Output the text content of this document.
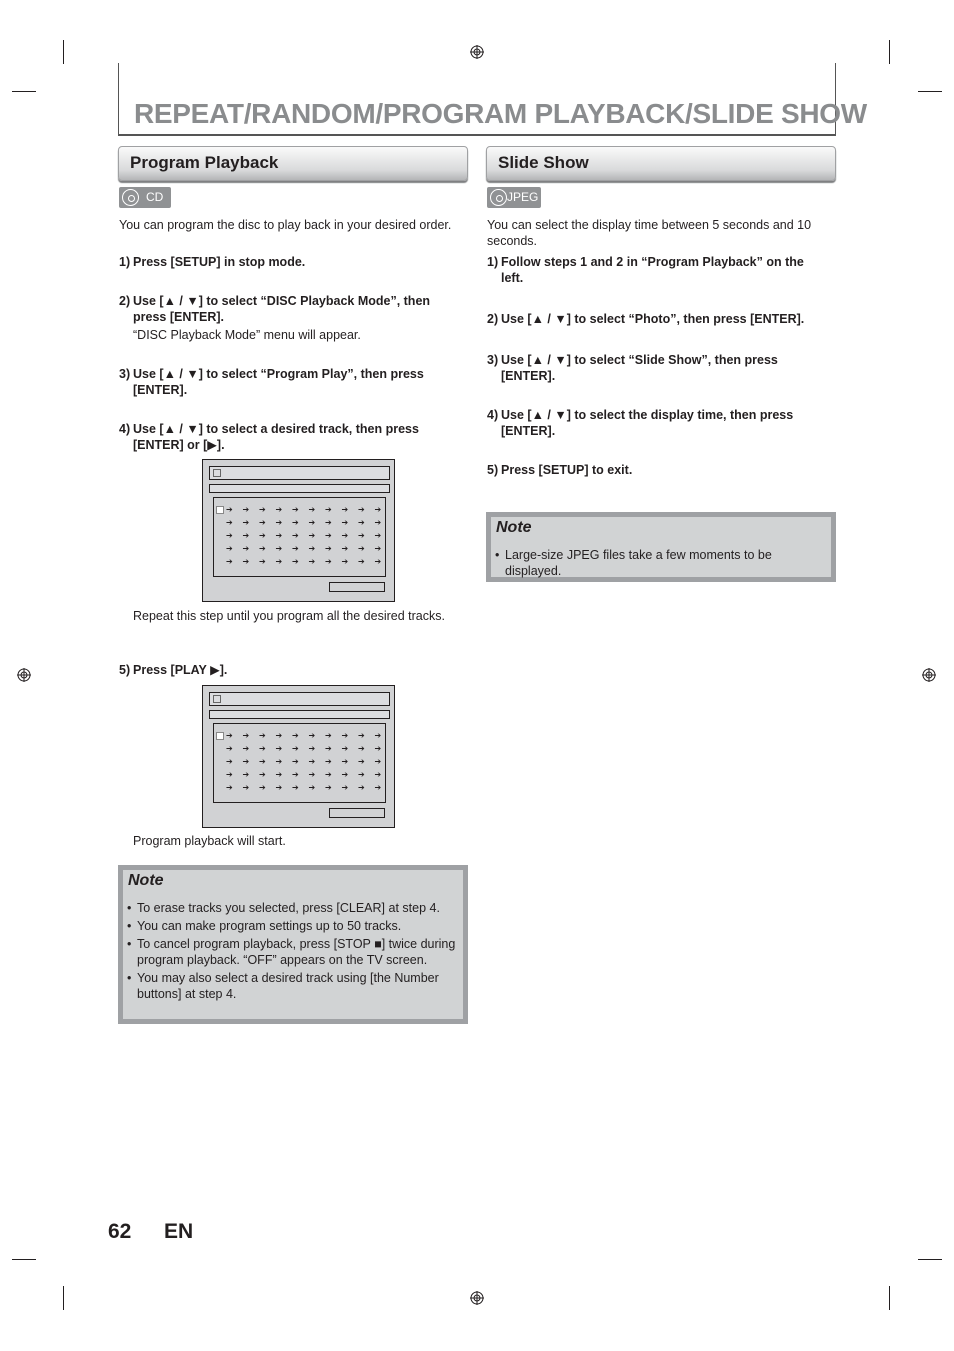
REPEAT/RANDOM/PROGRAM PLAYBACK/SLIDE SHOW
Program Playback
CD
You can program the disc to play back in your desired order.
1) Press [SETUP] in stop mode.
2) Use [▲ / ▼] to select “DISC Playback Mode”, then press [ENTER].
“DISC Playback Mode” menu will appear.
3) Use [▲ / ▼] to select “Program Play”, then press [ENTER].
4) Use [▲ / ▼] to select a desired track, then press [ENTER] or [▶].
➔ ➔ ➔ ➔ ➔ ➔ ➔ ➔ ➔ ➔
➔ ➔ ➔ ➔ ➔ ➔ ➔ ➔ ➔ ➔
➔ ➔ ➔ ➔ ➔ ➔ ➔ ➔ ➔ ➔
➔ ➔ ➔ ➔ ➔ ➔ ➔ ➔ ➔ ➔
➔ ➔ ➔ ➔ ➔ ➔ ➔ ➔ ➔ ➔
Repeat this step until you program all the desired tracks.
5) Press [PLAY ▶].
➔ ➔ ➔ ➔ ➔ ➔ ➔ ➔ ➔ ➔
➔ ➔ ➔ ➔ ➔ ➔ ➔ ➔ ➔ ➔
➔ ➔ ➔ ➔ ➔ ➔ ➔ ➔ ➔ ➔
➔ ➔ ➔ ➔ ➔ ➔ ➔ ➔ ➔ ➔
➔ ➔ ➔ ➔ ➔ ➔ ➔ ➔ ➔ ➔
Program playback will start.
Note
• To erase tracks you selected, press [CLEAR] at step 4.
• You can make program settings up to 50 tracks.
• To cancel program playback, press [STOP ■] twice during program playback. “OFF” appears on the TV screen.
• You may also select a desired track using [the Number buttons] at step 4.
Slide Show
JPEG
You can select the display time between 5 seconds and 10 seconds.
1) Follow steps 1 and 2 in “Program Playback” on the left.
2) Use [▲ / ▼] to select “Photo”, then press [ENTER].
3) Use [▲ / ▼] to select “Slide Show”, then press [ENTER].
4) Use [▲ / ▼] to select the display time, then press [ENTER].
5) Press [SETUP] to exit.
Note
• Large-size JPEG files take a few moments to be displayed.
62 EN
